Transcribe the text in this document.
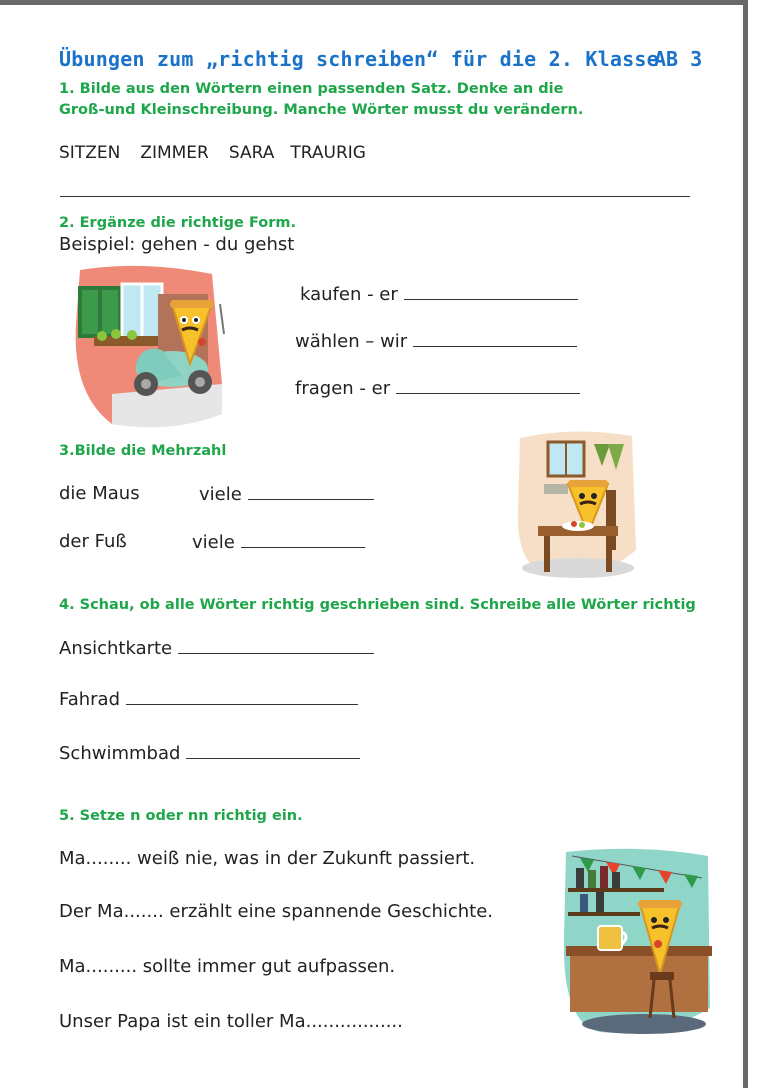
Übungen zum „richtig schreiben“ für die 2. Klasse
AB 3
1. Bilde aus den Wörtern einen passenden Satz. Denke an die
Groß-und Kleinschreibung. Manche Wörter musst du verändern.
SITZEN ZIMMER SARA TRAURIG
2. Ergänze die richtige Form.
Beispiel: gehen - du gehst
kaufen - er
wählen – wir
fragen - er
3.Bilde die Mehrzahl
die Maus	viele
der Fuß	viele
4. Schau, ob alle Wörter richtig geschrieben sind. Schreibe alle Wörter richtig
Ansichtkarte
Fahrad
Schwimmbad
5. Setze n oder nn richtig ein.
Ma........ weiß nie, was in der Zukunft passiert.
Der Ma....... erzählt eine spannende Geschichte.
Ma......... sollte immer gut aufpassen.
Unser Papa ist ein toller Ma.................
